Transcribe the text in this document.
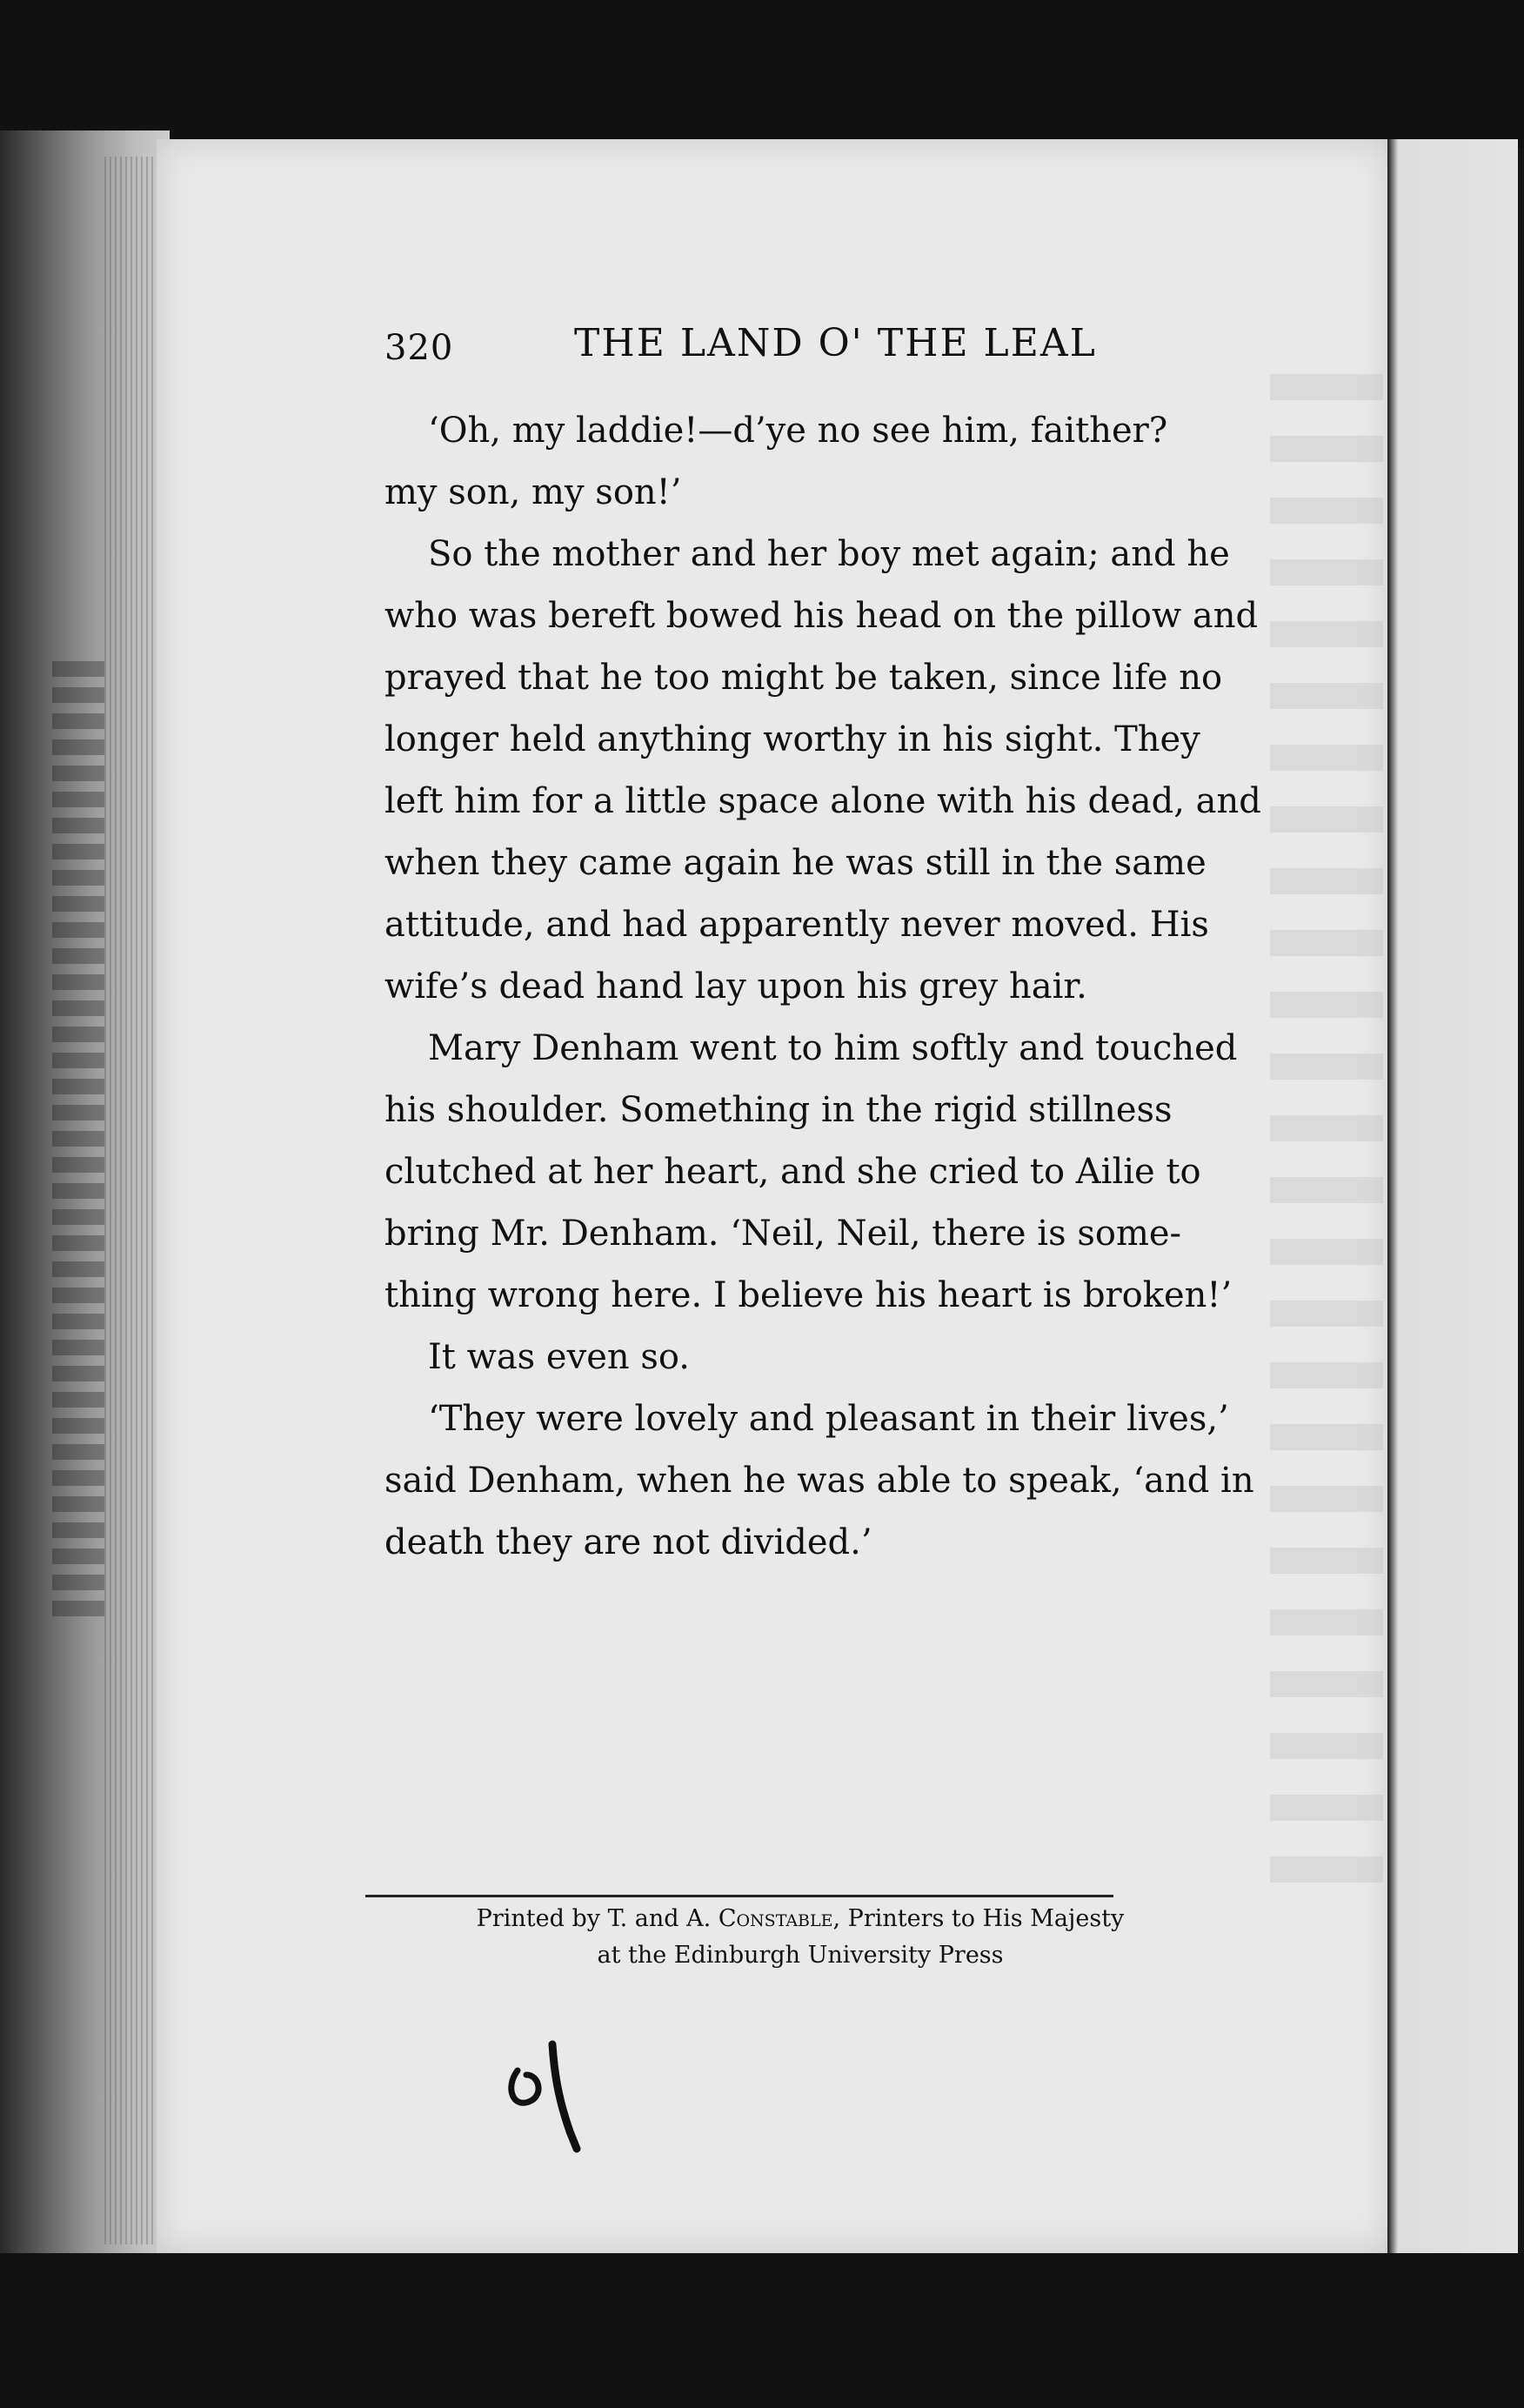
320	THE LAND O' THE LEAL
‘Oh, my laddie!—d’ye no see him, faither?
my son, my son!’
So the mother and her boy met again; and he
who was bereft bowed his head on the pillow and
prayed that he too might be taken, since life no
longer held anything worthy in his sight. They
left him for a little space alone with his dead, and
when they came again he was still in the same
attitude, and had apparently never moved. His
wife’s dead hand lay upon his grey hair.
Mary Denham went to him softly and touched
his shoulder. Something in the rigid stillness
clutched at her heart, and she cried to Ailie to
bring Mr. Denham. ‘Neil, Neil, there is some-
thing wrong here. I believe his heart is broken!’
It was even so.
‘They were lovely and pleasant in their lives,’
said Denham, when he was able to speak, ‘and in
death they are not divided.’
Printed by T. and A. Constable, Printers to His Majesty
at the Edinburgh University Press
